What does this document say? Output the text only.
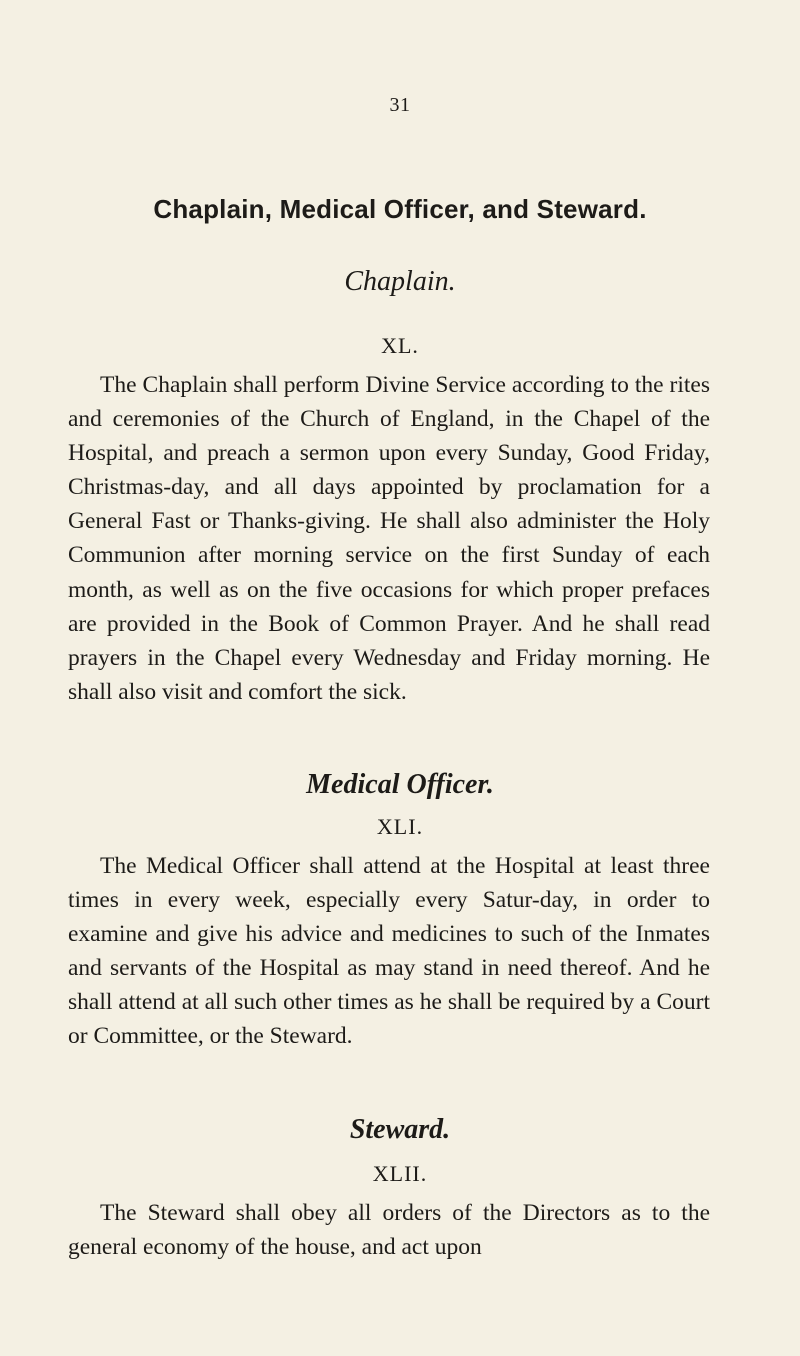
31
Chaplain, Medical Officer, and Steward.
Chaplain.
XL.

The Chaplain shall perform Divine Service according to the rites and ceremonies of the Church of England, in the Chapel of the Hospital, and preach a sermon upon every Sunday, Good Friday, Christmas-day, and all days appointed by proclamation for a General Fast or Thanks-giving. He shall also administer the Holy Communion after morning service on the first Sunday of each month, as well as on the five occasions for which proper prefaces are provided in the Book of Common Prayer. And he shall read prayers in the Chapel every Wednesday and Friday morning. He shall also visit and comfort the sick.

Medical Officer.
XLI.

The Medical Officer shall attend at the Hospital at least three times in every week, especially every Satur-day, in order to examine and give his advice and medicines to such of the Inmates and servants of the Hospital as may stand in need thereof. And he shall attend at all such other times as he shall be required by a Court or Committee, or the Steward.

Steward.
XLII.

The Steward shall obey all orders of the Directors as to the general economy of the house, and act upon
